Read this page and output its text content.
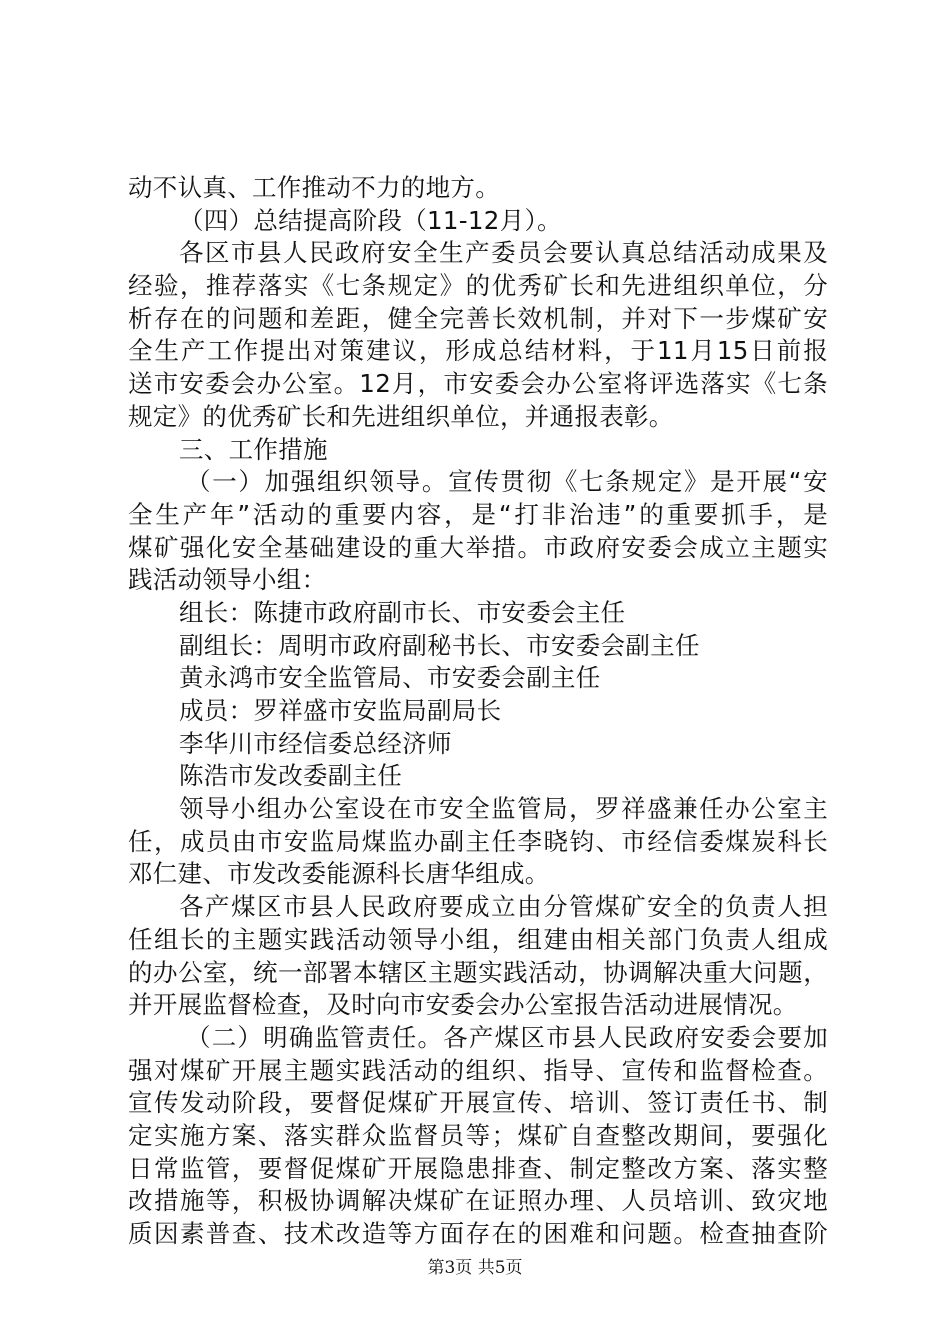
动不认真、工作推动不力的地方。
（四）总结提高阶段（11-12月）。
各区市县人民政府安全生产委员会要认真总结活动成果及
经验，推荐落实《七条规定》的优秀矿长和先进组织单位，分
析存在的问题和差距，健全完善长效机制，并对下一步煤矿安
全生产工作提出对策建议，形成总结材料，于11月15日前报
送市安委会办公室。12月，市安委会办公室将评选落实《七条
规定》的优秀矿长和先进组织单位，并通报表彰。
三、工作措施
（一）加强组织领导。宣传贯彻《七条规定》是开展“安
全生产年”活动的重要内容，是“打非治违”的重要抓手，是
煤矿强化安全基础建设的重大举措。市政府安委会成立主题实
践活动领导小组：
组长：陈捷市政府副市长、市安委会主任
副组长：周明市政府副秘书长、市安委会副主任
黄永鸿市安全监管局、市安委会副主任
成员：罗祥盛市安监局副局长
李华川市经信委总经济师
陈浩市发改委副主任
领导小组办公室设在市安全监管局，罗祥盛兼任办公室主
任，成员由市安监局煤监办副主任李晓钧、市经信委煤炭科长
邓仁建、市发改委能源科长唐华组成。
各产煤区市县人民政府要成立由分管煤矿安全的负责人担
任组长的主题实践活动领导小组，组建由相关部门负责人组成
的办公室，统一部署本辖区主题实践活动，协调解决重大问题，
并开展监督检查，及时向市安委会办公室报告活动进展情况。
（二）明确监管责任。各产煤区市县人民政府安委会要加
强对煤矿开展主题实践活动的组织、指导、宣传和监督检查。
宣传发动阶段，要督促煤矿开展宣传、培训、签订责任书、制
定实施方案、落实群众监督员等；煤矿自查整改期间，要强化
日常监管，要督促煤矿开展隐患排查、制定整改方案、落实整
改措施等，积极协调解决煤矿在证照办理、人员培训、致灾地
质因素普查、技术改造等方面存在的困难和问题。检查抽查阶
第3页 共5页
